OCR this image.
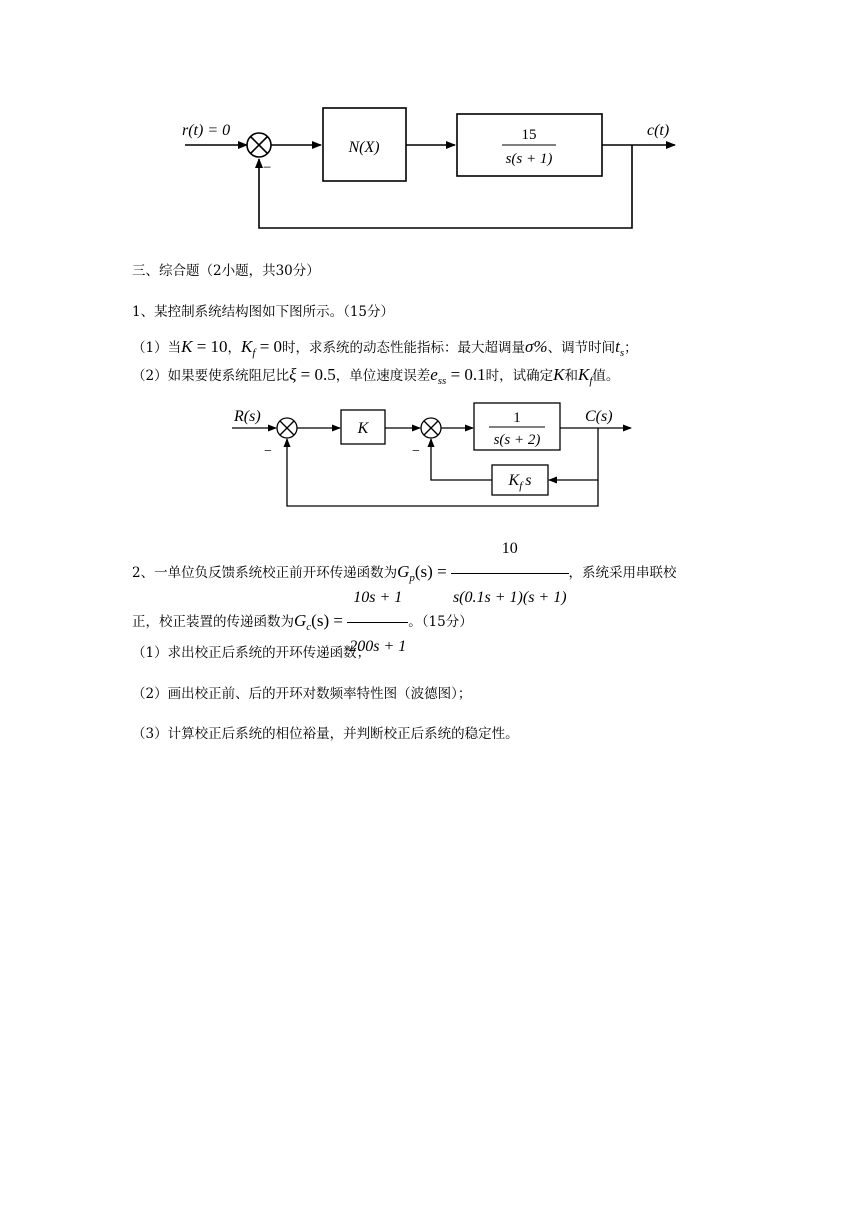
r(t) = 0
−
N(X)
15
s(s + 1)
c(t)
三、综合题（2小题，共30分）
1、某控制系统结构图如下图所示。（15分）
（1）当K = 10，$K_f = 0$时，求系统的动态性能指标：最大超调量σ%、调节时间$t_s$；
（2）如果要使系统阻尼比ξ = 0.5，单位速度误差$e_{ss} = 0.1$时，试确定K和$K_f$值。
R(s)
−
K
−
1
s(s + 2)
C(s)
$K_f$ s
2、一单位负反馈系统校正前开环传递函数为$G_p(s) = \frac{10}{s(0.1s + 1)(s + 1)}$ ，系统采用串联校
正，校正装置的传递函数为$G_c(s) = \frac{10s + 1}{200s + 1}$ 。（15分）
（1）求出校正后系统的开环传递函数；
（2）画出校正前、后的开环对数频率特性图（波德图）；
（3）计算校正后系统的相位裕量，并判断校正后系统的稳定性。
